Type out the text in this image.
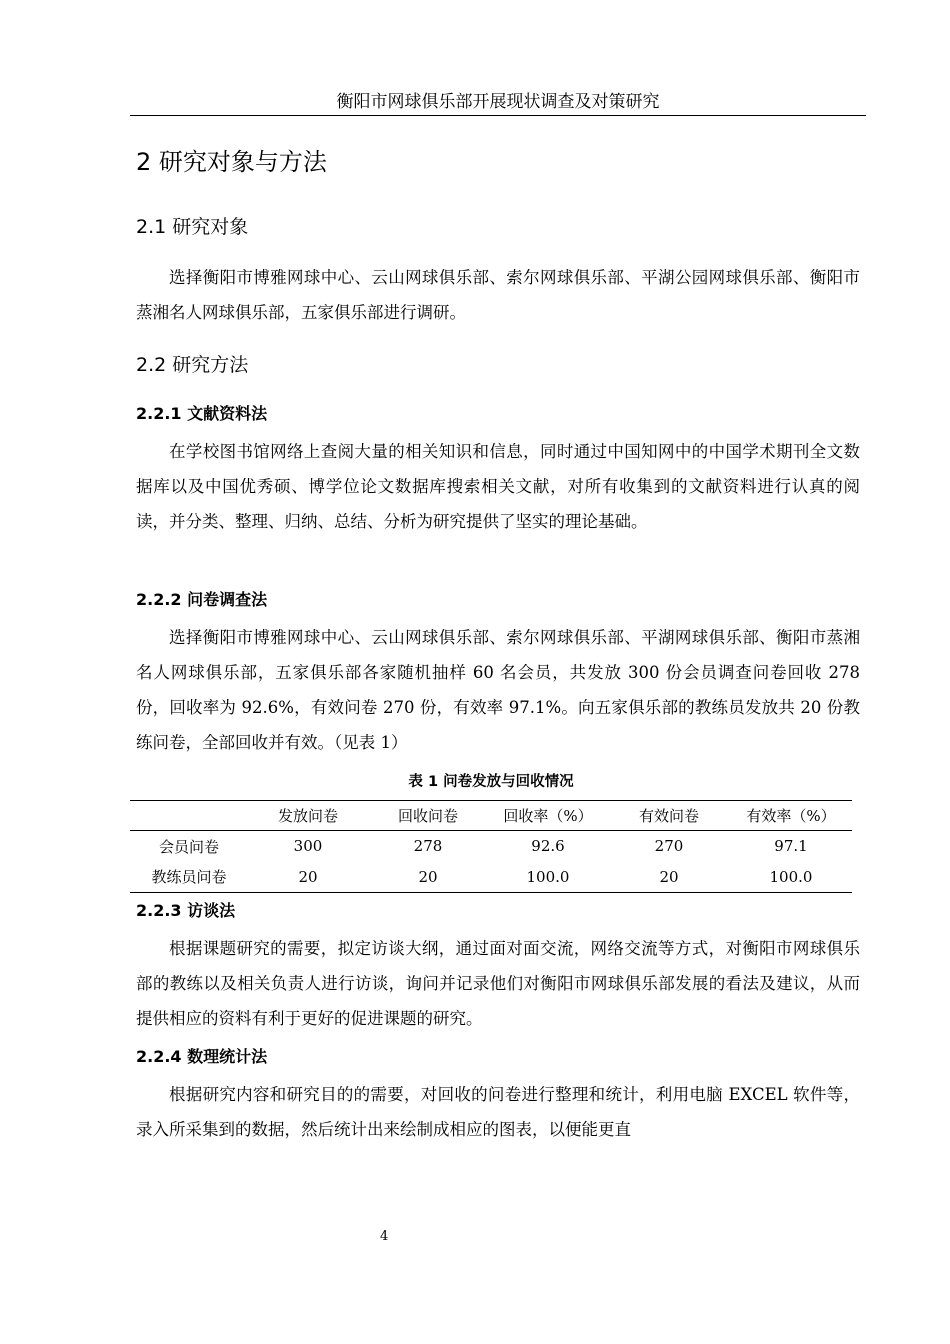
衡阳市网球俱乐部开展现状调查及对策研究
2 研究对象与方法
2.1 研究对象

选择衡阳市博雅网球中心、云山网球俱乐部、索尔网球俱乐部、平湖公园网球俱乐部、衡阳市蒸湘名人网球俱乐部，五家俱乐部进行调研。

2.2 研究方法
2.2.1 文献资料法

在学校图书馆网络上查阅大量的相关知识和信息，同时通过中国知网中的中国学术期刊全文数据库以及中国优秀硕、博学位论文数据库搜索相关文献，对所有收集到的文献资料进行认真的阅读，并分类、整理、归纳、总结、分析为研究提供了坚实的理论基础。

2.2.2 问卷调查法

选择衡阳市博雅网球中心、云山网球俱乐部、索尔网球俱乐部、平湖网球俱乐部、衡阳市蒸湘名人网球俱乐部，五家俱乐部各家随机抽样 60 名会员，共发放 300 份会员调查问卷回收 278 份，回收率为 92.6%，有效问卷 270 份，有效率 97.1%。向五家俱乐部的教练员发放共 20 份教练问卷，全部回收并有效。（见表 1）

表 1 问卷发放与回收情况
	发放问卷	回收问卷	回收率（%）	有效问卷	有效率（%）
会员问卷	300	278	92.6	270	97.1
教练员问卷	20	20	100.0	20	100.0
2.2.3 访谈法

根据课题研究的需要，拟定访谈大纲，通过面对面交流，网络交流等方式，对衡阳市网球俱乐部的教练以及相关负责人进行访谈，询问并记录他们对衡阳市网球俱乐部发展的看法及建议，从而提供相应的资料有利于更好的促进课题的研究。

2.2.4 数理统计法

根据研究内容和研究目的的需要，对回收的问卷进行整理和统计，利用电脑 EXCEL 软件等，录入所采集到的数据，然后统计出来绘制成相应的图表，以便能更直

4
